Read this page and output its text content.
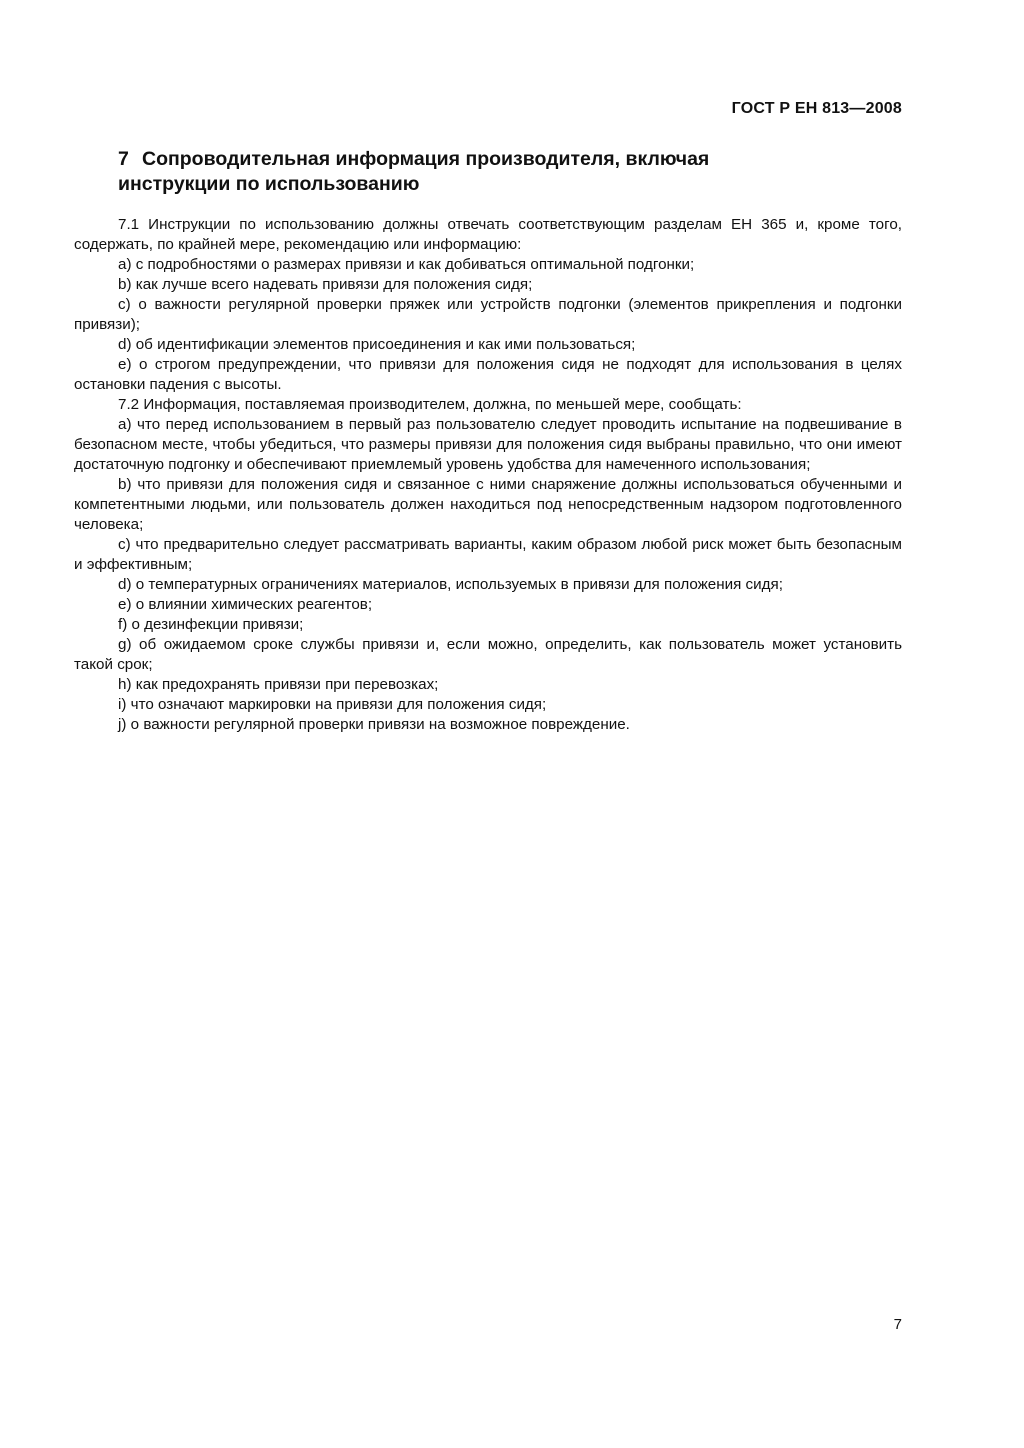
ГОСТ Р ЕН 813—2008
7 Сопроводительная информация производителя, включая
инструкции по использованию

7.1 Инструкции по использованию должны отвечать соответствующим разделам ЕН 365 и, кроме того, содержать, по крайней мере, рекомендацию или информацию:

a) с подробностями о размерах привязи и как добиваться оптимальной подгонки;

b) как лучше всего надевать привязи для положения сидя;

c) о важности регулярной проверки пряжек или устройств подгонки (элементов прикрепления и подгонки привязи);

d) об идентификации элементов присоединения и как ими пользоваться;

e) о строгом предупреждении, что привязи для положения сидя не подходят для использования в целях остановки падения с высоты.

7.2 Информация, поставляемая производителем, должна, по меньшей мере, сообщать:

a) что перед использованием в первый раз пользователю следует проводить испытание на подвешивание в безопасном месте, чтобы убедиться, что размеры привязи для положения сидя выбраны правильно, что они имеют достаточную подгонку и обеспечивают приемлемый уровень удобства для намеченного использования;

b) что привязи для положения сидя и связанное с ними снаряжение должны использоваться обученными и компетентными людьми, или пользователь должен находиться под непосредственным надзором подготовленного человека;

c) что предварительно следует рассматривать варианты, каким образом любой риск может быть безопасным и эффективным;

d) о температурных ограничениях материалов, используемых в привязи для положения сидя;

e) о влиянии химических реагентов;

f) о дезинфекции привязи;

g) об ожидаемом сроке службы привязи и, если можно, определить, как пользователь может установить такой срок;

h) как предохранять привязи при перевозках;

i) что означают маркировки на привязи для положения сидя;

j) о важности регулярной проверки привязи на возможное повреждение.

7
